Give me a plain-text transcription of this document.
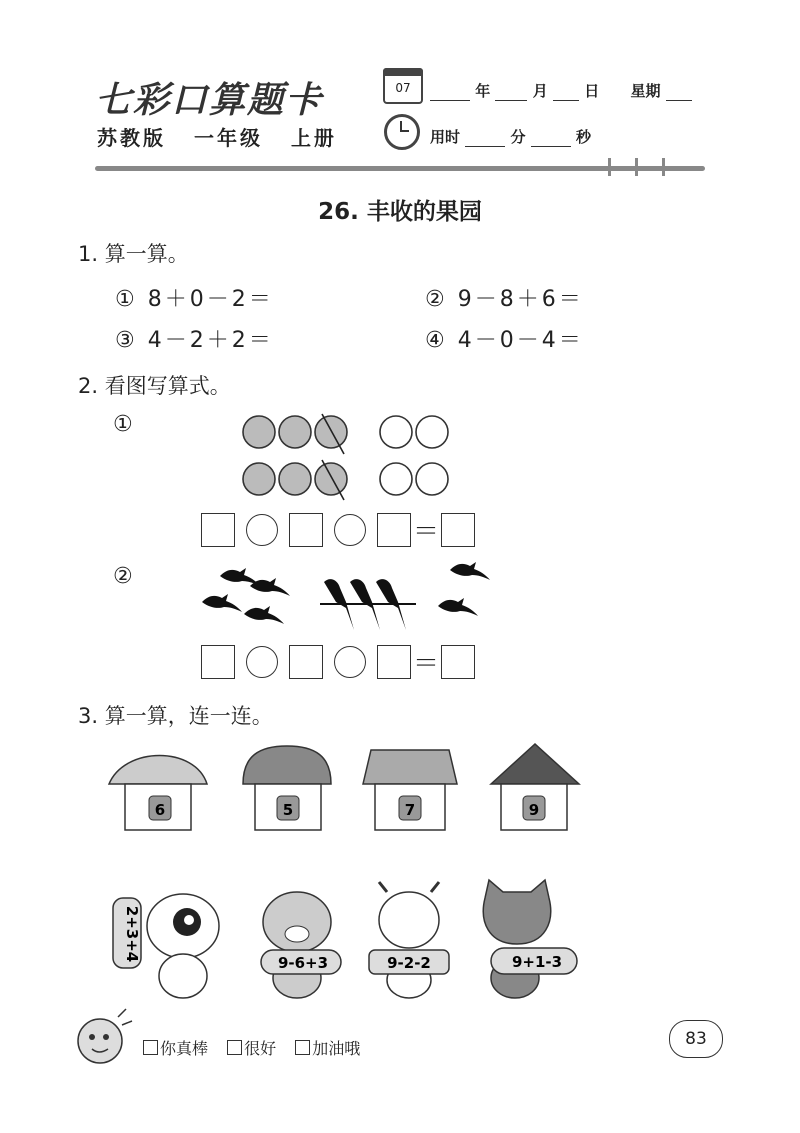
七彩口算题卡
苏教版 一年级 上册
07	年	月 日 星期
用时	分	秒
26. 丰收的果园
1. 算一算。
① 8＋0－2＝	② 9－8＋6＝
③ 4－2＋2＝	④ 4－0－4＝
2. 看图写算式。
①
＝
②
＝
3. 算一算，连一连。
6	5	7	9
2+3+4
9-6+3	9-2-2	9+1-3
你真棒 很好 加油哦	83
